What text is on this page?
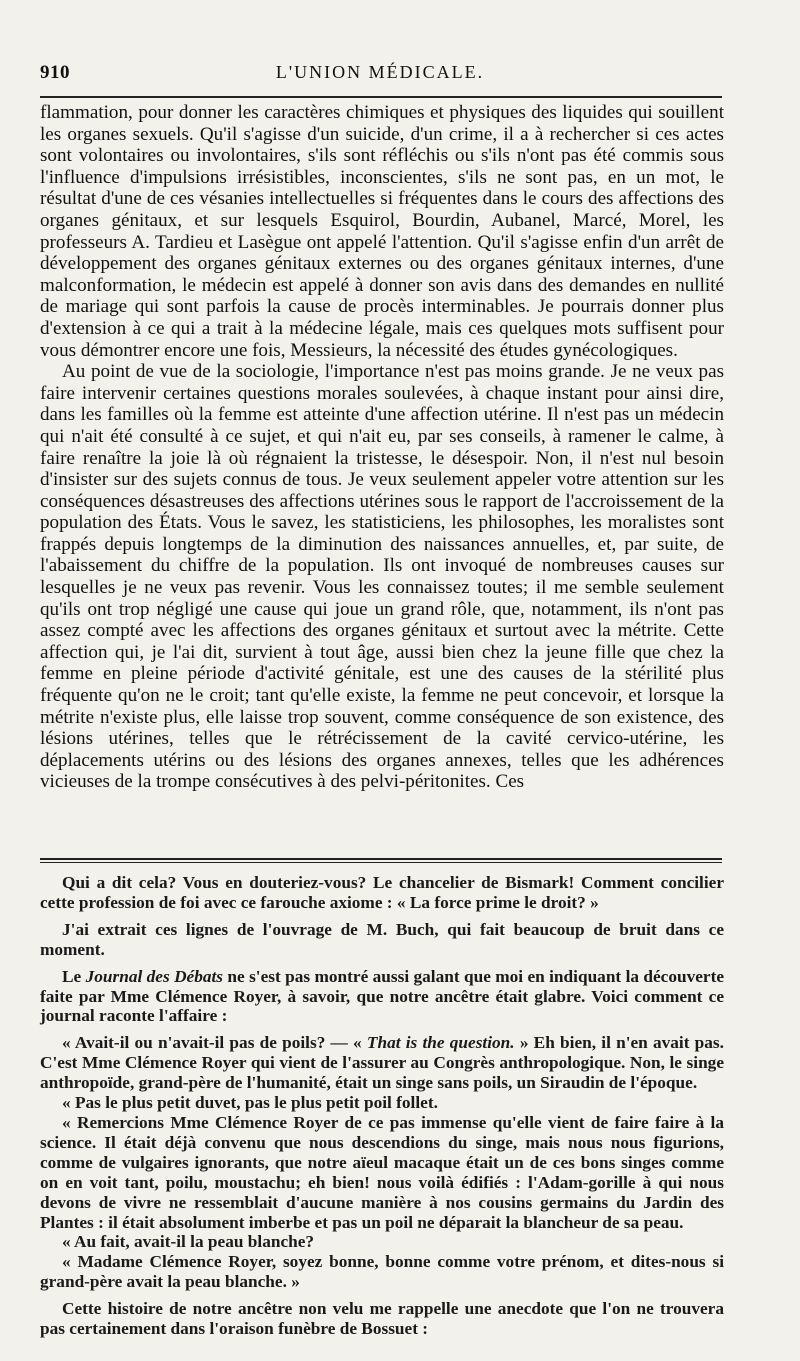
910	L'UNION MÉDICALE.

flammation, pour donner les caractères chimiques et physiques des liquides qui souillent les organes sexuels. Qu'il s'agisse d'un suicide, d'un crime, il a à rechercher si ces actes sont volontaires ou involontaires, s'ils sont réfléchis ou s'ils n'ont pas été commis sous l'influence d'impulsions irrésistibles, inconscientes, s'ils ne sont pas, en un mot, le résultat d'une de ces vésanies intellectuelles si fréquentes dans le cours des affections des organes génitaux, et sur lesquels Esquirol, Bourdin, Aubanel, Marcé, Morel, les professeurs A. Tardieu et Lasègue ont appelé l'attention. Qu'il s'agisse enfin d'un arrêt de développement des organes génitaux externes ou des organes génitaux internes, d'une malconformation, le médecin est appelé à donner son avis dans des demandes en nullité de mariage qui sont parfois la cause de procès interminables. Je pourrais donner plus d'extension à ce qui a trait à la médecine légale, mais ces quelques mots suffisent pour vous démontrer encore une fois, Messieurs, la nécessité des études gynécologiques.

Au point de vue de la sociologie, l'importance n'est pas moins grande. Je ne veux pas faire intervenir certaines questions morales soulevées, à chaque instant pour ainsi dire, dans les familles où la femme est atteinte d'une affection utérine. Il n'est pas un médecin qui n'ait été consulté à ce sujet, et qui n'ait eu, par ses conseils, à ramener le calme, à faire renaître la joie là où régnaient la tristesse, le désespoir. Non, il n'est nul besoin d'insister sur des sujets connus de tous. Je veux seulement appeler votre attention sur les conséquences désastreuses des affections utérines sous le rapport de l'accroissement de la population des États. Vous le savez, les statisticiens, les philosophes, les moralistes sont frappés depuis longtemps de la diminution des naissances annuelles, et, par suite, de l'abaissement du chiffre de la population. Ils ont invoqué de nombreuses causes sur lesquelles je ne veux pas revenir. Vous les connaissez toutes; il me semble seulement qu'ils ont trop négligé une cause qui joue un grand rôle, que, notamment, ils n'ont pas assez compté avec les affections des organes génitaux et surtout avec la métrite. Cette affection qui, je l'ai dit, survient à tout âge, aussi bien chez la jeune fille que chez la femme en pleine période d'activité génitale, est une des causes de la stérilité plus fréquente qu'on ne le croit; tant qu'elle existe, la femme ne peut concevoir, et lorsque la métrite n'existe plus, elle laisse trop souvent, comme conséquence de son existence, des lésions utérines, telles que le rétrécissement de la cavité cervico-utérine, les déplacements utérins ou des lésions des organes annexes, telles que les adhérences vicieuses de la trompe consécutives à des pelvi-péritonites. Ces

Qui a dit cela? Vous en douteriez-vous? Le chancelier de Bismark! Comment concilier cette profession de foi avec ce farouche axiome : « La force prime le droit? »

J'ai extrait ces lignes de l'ouvrage de M. Buch, qui fait beaucoup de bruit dans ce moment.

Le Journal des Débats ne s'est pas montré aussi galant que moi en indiquant la découverte faite par Mme Clémence Royer, à savoir, que notre ancêtre était glabre. Voici comment ce journal raconte l'affaire :

« Avait-il ou n'avait-il pas de poils? — « That is the question. » Eh bien, il n'en avait pas. C'est Mme Clémence Royer qui vient de l'assurer au Congrès anthropologique. Non, le singe anthropoïde, grand-père de l'humanité, était un singe sans poils, un Siraudin de l'époque.

« Pas le plus petit duvet, pas le plus petit poil follet.

« Remercions Mme Clémence Royer de ce pas immense qu'elle vient de faire faire à la science. Il était déjà convenu que nous descendions du singe, mais nous nous figurions, comme de vulgaires ignorants, que notre aïeul macaque était un de ces bons singes comme on en voit tant, poilu, moustachu; eh bien! nous voilà édifiés : l'Adam-gorille à qui nous devons de vivre ne ressemblait d'aucune manière à nos cousins germains du Jardin des Plantes : il était absolument imberbe et pas un poil ne déparait la blancheur de sa peau.

« Au fait, avait-il la peau blanche?

« Madame Clémence Royer, soyez bonne, bonne comme votre prénom, et dites-nous si grand-père avait la peau blanche. »

Cette histoire de notre ancêtre non velu me rappelle une anecdote que l'on ne trouvera pas certainement dans l'oraison funèbre de Bossuet :
